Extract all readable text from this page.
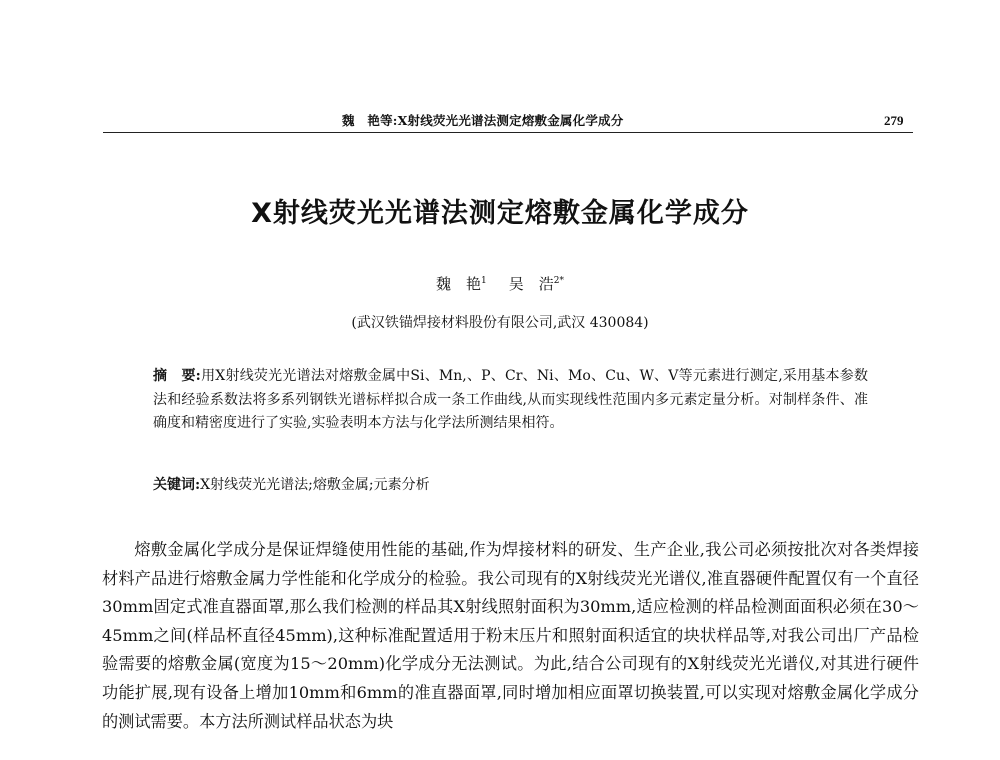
魏　艳等:X射线荧光光谱法测定熔敷金属化学成分	279
X射线荧光光谱法测定熔敷金属化学成分
魏　艳$^1$ 吴　浩$^{2*}$
(武汉铁锚焊接材料股份有限公司,武汉 430084)
摘　要:用X射线荧光光谱法对熔敷金属中Si、Mn,、P、Cr、Ni、Mo、Cu、W、V等元素进行测定,采用基本参数法和经验系数法将多系列钢铁光谱标样拟合成一条工作曲线,从而实现线性范围内多元素定量分析。对制样条件、准确度和精密度进行了实验,实验表明本方法与化学法所测结果相符。
关键词:X射线荧光光谱法;熔敷金属;元素分析
熔敷金属化学成分是保证焊缝使用性能的基础,作为焊接材料的研发、生产企业,我公司必须按批次对各类焊接材料产品进行熔敷金属力学性能和化学成分的检验。我公司现有的X射线荧光光谱仪,准直器硬件配置仅有一个直径30mm固定式准直器面罩,那么我们检测的样品其X射线照射面积为30mm,适应检测的样品检测面面积必须在30～45mm之间(样品杯直径45mm),这种标准配置适用于粉末压片和照射面积适宜的块状样品等,对我公司出厂产品检验需要的熔敷金属(宽度为15～20mm)化学成分无法测试。为此,结合公司现有的X射线荧光光谱仪,对其进行硬件功能扩展,现有设备上增加10mm和6mm的准直器面罩,同时增加相应面罩切换装置,可以实现对熔敷金属化学成分的测试需要。本方法所测试样品状态为块
